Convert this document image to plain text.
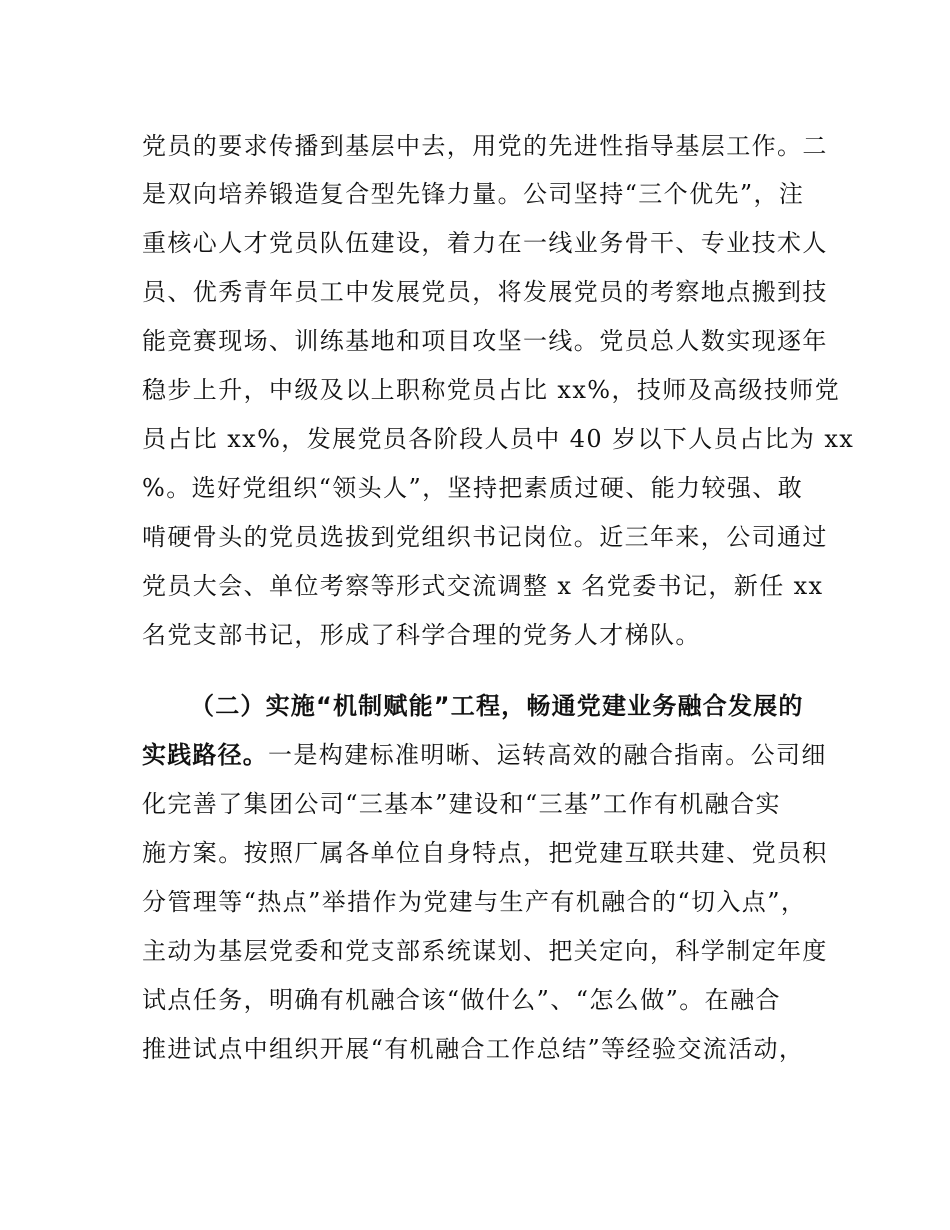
党员的要求传播到基层中去，用党的先进性指导基层工作。二
是双向培养锻造复合型先锋力量。公司坚持“三个优先”，注
重核心人才党员队伍建设，着力在一线业务骨干、专业技术人
员、优秀青年员工中发展党员，将发展党员的考察地点搬到技
能竞赛现场、训练基地和项目攻坚一线。党员总人数实现逐年
稳步上升，中级及以上职称党员占比 xx%，技师及高级技师党
员占比 xx%，发展党员各阶段人员中 40 岁以下人员占比为 xx
%。选好党组织“领头人”，坚持把素质过硬、能力较强、敢
啃硬骨头的党员选拔到党组织书记岗位。近三年来，公司通过
党员大会、单位考察等形式交流调整 x 名党委书记，新任 xx
名党支部书记，形成了科学合理的党务人才梯队。
（二）实施“机制赋能”工程，畅通党建业务融合发展的
实践路径。一是构建标准明晰、运转高效的融合指南。公司细
化完善了集团公司“三基本”建设和“三基”工作有机融合实
施方案。按照厂属各单位自身特点，把党建互联共建、党员积
分管理等“热点”举措作为党建与生产有机融合的“切入点”，
主动为基层党委和党支部系统谋划、把关定向，科学制定年度
试点任务，明确有机融合该“做什么”、“怎么做”。在融合
推进试点中组织开展“有机融合工作总结”等经验交流活动，
